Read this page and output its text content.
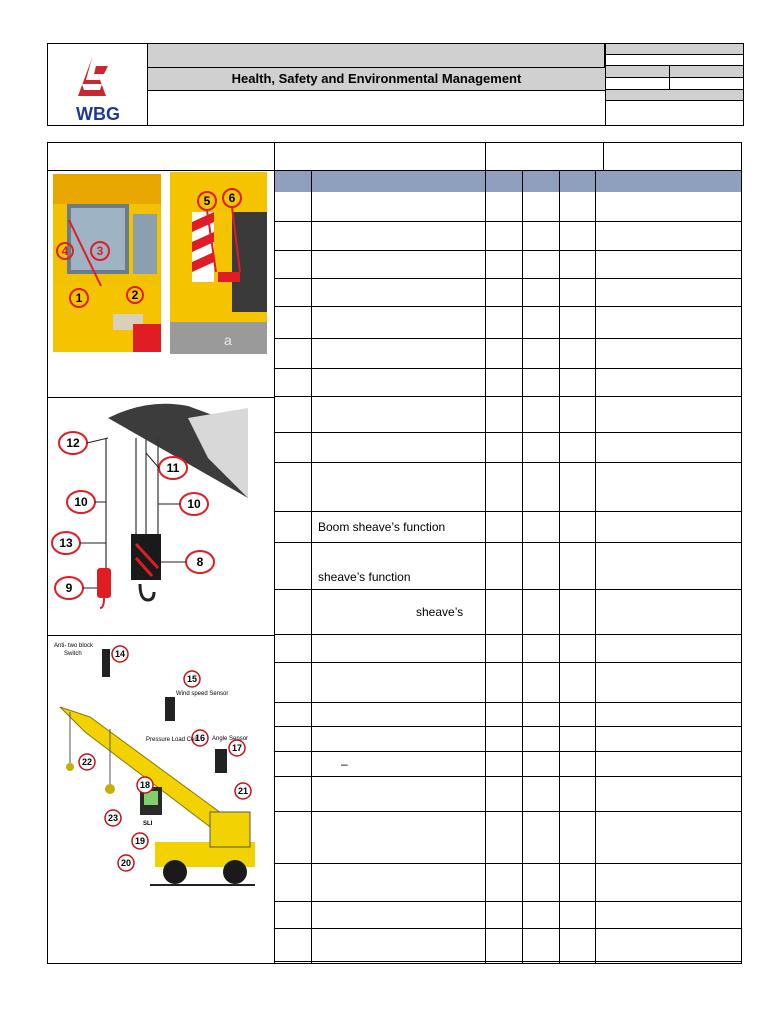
WBG
Health, Safety and Environmental Management
Boom sheave’s function
sheave’s function
sheave’s
–
1	2
3
4
5 6
a
12
11
10	10
13
8
9
14
15
16
17
18
19
20
21
22
23
Anti- two block
Switch
Wind speed Sensor
Pressure Load Cell Angle Sensor
SLI
